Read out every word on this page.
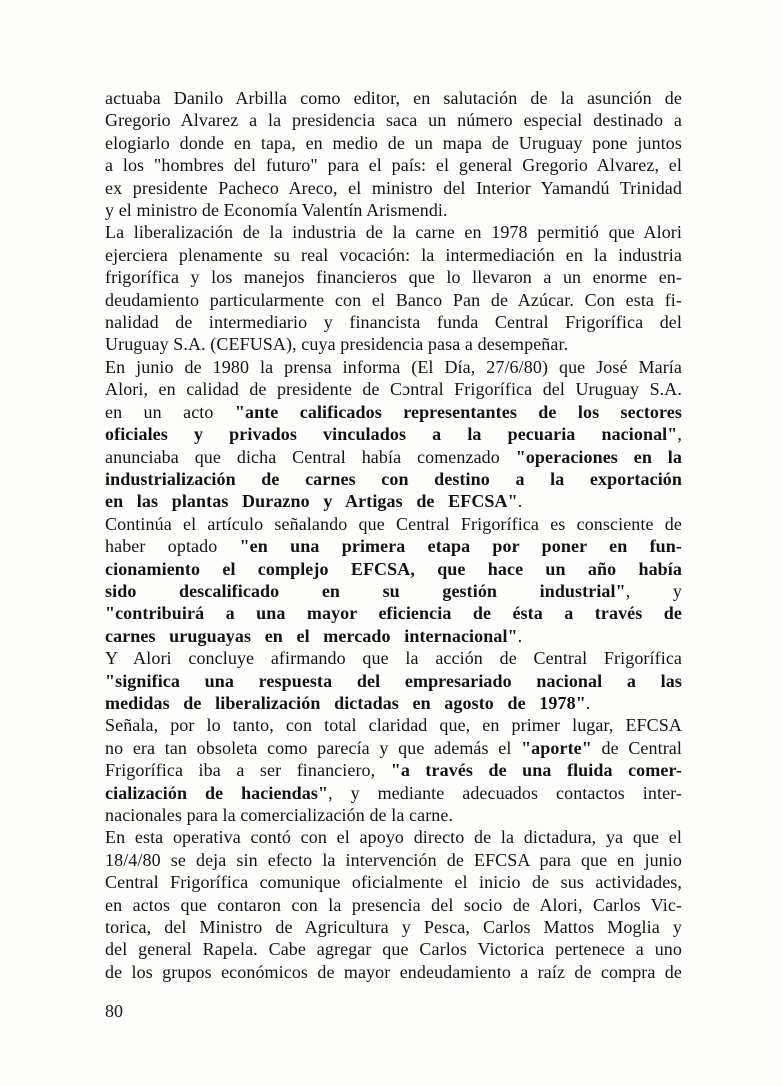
actuaba Danilo Arbilla como editor, en salutación de la asunción de
Gregorio Alvarez a la presidencia saca un número especial destinado a
elogiarlo donde en tapa, en medio de un mapa de Uruguay pone juntos
a los "hombres del futuro" para el país: el general Gregorio Alvarez, el
ex presidente Pacheco Areco, el ministro del Interior Yamandú Trinidad
y el ministro de Economía Valentín Arismendi.
La liberalización de la industria de la carne en 1978 permitió que Alori
ejerciera plenamente su real vocación: la intermediación en la industria
frigorífica y los manejos financieros que lo llevaron a un enorme en-
deudamiento particularmente con el Banco Pan de Azúcar. Con esta fi-
nalidad de intermediario y financista funda Central Frigorífica del
Uruguay S.A. (CEFUSA), cuya presidencia pasa a desempeñar.
En junio de 1980 la prensa informa (El Día, 27/6/80) que José María
Alori, en calidad de presidente de Cɔntral Frigorífica del Uruguay S.A.
en un acto "ante calificados representantes de los sectores
oficiales y privados vinculados a la pecuaria nacional",
anunciaba que dicha Central había comenzado "operaciones en la
industrialización de carnes con destino a la exportación
en las plantas Durazno y Artigas de EFCSA".
Continúa el artículo señalando que Central Frigorífica es consciente de
haber optado "en una primera etapa por poner en fun-
cionamiento el complejo EFCSA, que hace un año había
sido descalificado en su gestión industrial", y
"contribuirá a una mayor eficiencia de ésta a través de
carnes uruguayas en el mercado internacional".
Y Alori concluye afirmando que la acción de Central Frigorífica
"significa una respuesta del empresariado nacional a las
medidas de liberalización dictadas en agosto de 1978".
Señala, por lo tanto, con total claridad que, en primer lugar, EFCSA
no era tan obsoleta como parecía y que además el "aporte" de Central
Frigorífica iba a ser financiero, "a través de una fluida comer-
cialización de haciendas", y mediante adecuados contactos inter-
nacionales para la comercialización de la carne.
En esta operativa contó con el apoyo directo de la dictadura, ya que el
18/4/80 se deja sin efecto la intervención de EFCSA para que en junio
Central Frigorífica comunique oficialmente el inicio de sus actividades,
en actos que contaron con la presencia del socio de Alori, Carlos Vic-
torica, del Ministro de Agricultura y Pesca, Carlos Mattos Moglia y
del general Rapela. Cabe agregar que Carlos Victorica pertenece a uno
de los grupos económicos de mayor endeudamiento a raíz de compra de
80
